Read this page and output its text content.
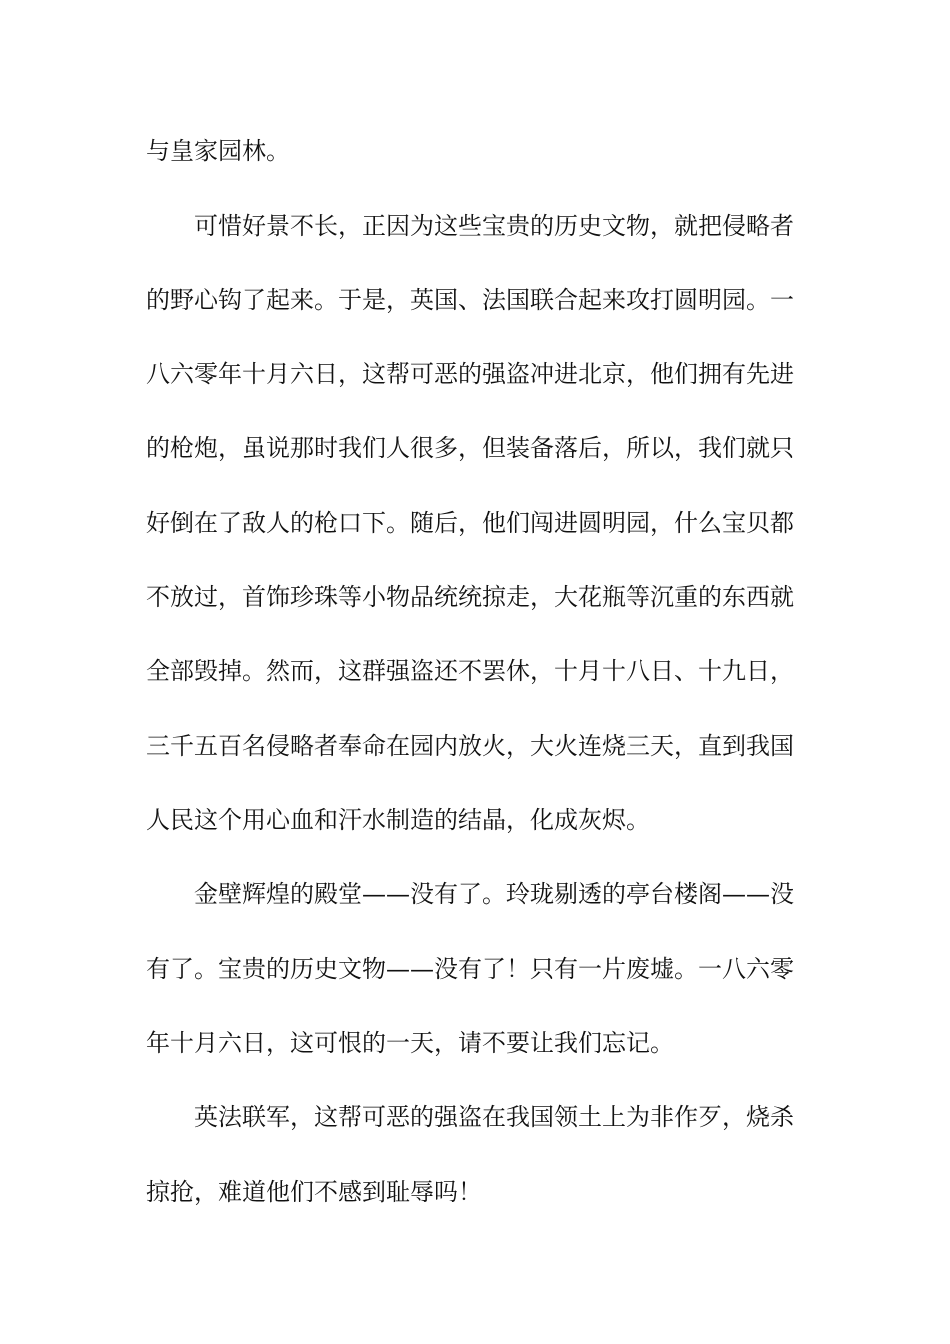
与皇家园林。
可惜好景不长，正因为这些宝贵的历史文物，就把侵略者
的野心钩了起来。于是，英国、法国联合起来攻打圆明园。一
八六零年十月六日，这帮可恶的强盗冲进北京，他们拥有先进
的枪炮，虽说那时我们人很多，但装备落后，所以，我们就只
好倒在了敌人的枪口下。随后，他们闯进圆明园，什么宝贝都
不放过，首饰珍珠等小物品统统掠走，大花瓶等沉重的东西就
全部毁掉。然而，这群强盗还不罢休，十月十八日、十九日，
三千五百名侵略者奉命在园内放火，大火连烧三天，直到我国
人民这个用心血和汗水制造的结晶，化成灰烬。
金壁辉煌的殿堂——没有了。玲珑剔透的亭台楼阁——没
有了。宝贵的历史文物——没有了！只有一片废墟。一八六零
年十月六日，这可恨的一天，请不要让我们忘记。
英法联军，这帮可恶的强盗在我国领土上为非作歹，烧杀
掠抢，难道他们不感到耻辱吗！
